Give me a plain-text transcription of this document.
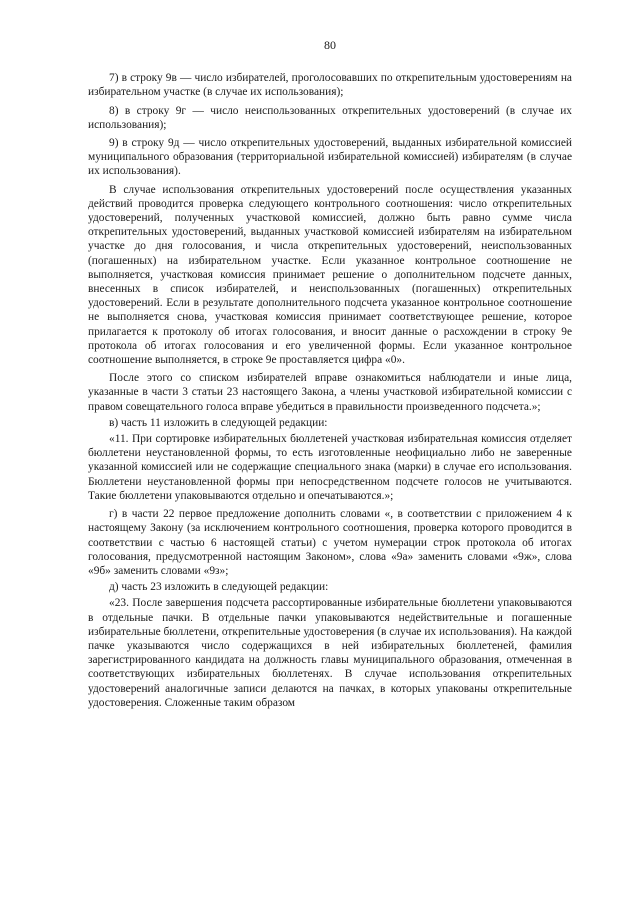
80

7) в строку 9в — число избирателей, проголосовавших по открепительным удостоверениям на избирательном участке (в случае их использования);

8) в строку 9г — число неиспользованных открепительных удостоверений (в случае их использования);

9) в строку 9д — число открепительных удостоверений, выданных избирательной комиссией муниципального образования (территориальной избирательной комиссией) избирателям (в случае их использования).

В случае использования открепительных удостоверений после осуществления указанных действий проводится проверка следующего контрольного соотношения: число открепительных удостоверений, полученных участковой комиссией, должно быть равно сумме числа открепительных удостоверений, выданных участковой комиссией избирателям на избирательном участке до дня голосования, и числа открепительных удостоверений, неиспользованных (погашенных) на избирательном участке. Если указанное контрольное соотношение не выполняется, участковая комиссия принимает решение о дополнительном подсчете данных, внесенных в список избирателей, и неиспользованных (погашенных) открепительных удостоверений. Если в результате дополнительного подсчета указанное контрольное соотношение не выполняется снова, участковая комиссия принимает соответствующее решение, которое прилагается к протоколу об итогах голосования, и вносит данные о расхождении в строку 9е протокола об итогах голосования и его увеличенной формы. Если указанное контрольное соотношение выполняется, в строке 9е проставляется цифра «0».

После этого со списком избирателей вправе ознакомиться наблюдатели и иные лица, указанные в части 3 статьи 23 настоящего Закона, а члены участковой избирательной комиссии с правом совещательного голоса вправе убедиться в правильности произведенного подсчета.»;

в) часть 11 изложить в следующей редакции:

«11. При сортировке избирательных бюллетеней участковая избирательная комиссия отделяет бюллетени неустановленной формы, то есть изготовленные неофициально либо не заверенные указанной комиссией или не содержащие специального знака (марки) в случае его использования. Бюллетени неустановленной формы при непосредственном подсчете голосов не учитываются. Такие бюллетени упаковываются отдельно и опечатываются.»;

г) в части 22 первое предложение дополнить словами «, в соответствии с приложением 4 к настоящему Закону (за исключением контрольного соотношения, проверка которого проводится в соответствии с частью 6 настоящей статьи) с учетом нумерации строк протокола об итогах голосования, предусмотренной настоящим Законом», слова «9а» заменить словами «9ж», слова «9б» заменить словами «9з»;

д) часть 23 изложить в следующей редакции:

«23. После завершения подсчета рассортированные избирательные бюллетени упаковываются в отдельные пачки. В отдельные пачки упаковываются недействительные и погашенные избирательные бюллетени, открепительные удостоверения (в случае их использования). На каждой пачке указываются число содержащихся в ней избирательных бюллетеней, фамилия зарегистрированного кандидата на должность главы муниципального образования, отмеченная в соответствующих избирательных бюллетенях. В случае использования открепительных удостоверений аналогичные записи делаются на пачках, в которых упакованы открепительные удостоверения. Сложенные таким образом
